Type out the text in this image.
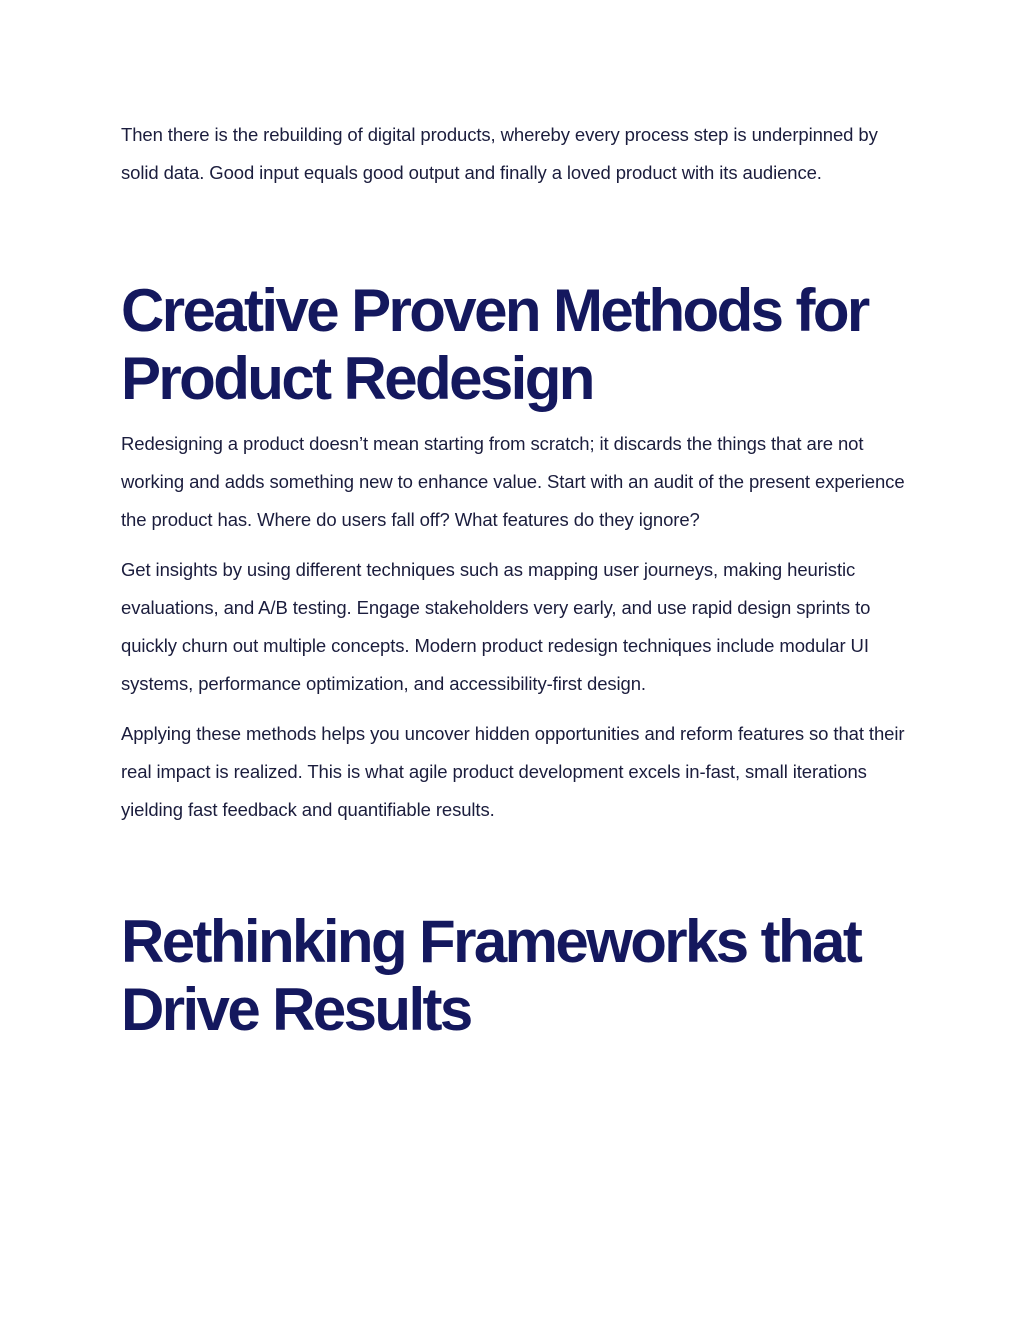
Then there is the rebuilding of digital products, whereby every process step is underpinned by solid data. Good input equals good output and finally a loved product with its audience.

Creative Proven Methods for Product Redesign

Redesigning a product doesn’t mean starting from scratch; it discards the things that are not working and adds something new to enhance value. Start with an audit of the present experience the product has. Where do users fall off? What features do they ignore?

Get insights by using different techniques such as mapping user journeys, making heuristic evaluations, and A/B testing. Engage stakeholders very early, and use rapid design sprints to quickly churn out multiple concepts. Modern product redesign techniques include modular UI systems, performance optimization, and accessibility-first design.

Applying these methods helps you uncover hidden opportunities and reform features so that their real impact is realized. This is what agile product development excels in-fast, small iterations yielding fast feedback and quantifiable results.

Rethinking Frameworks that Drive Results
